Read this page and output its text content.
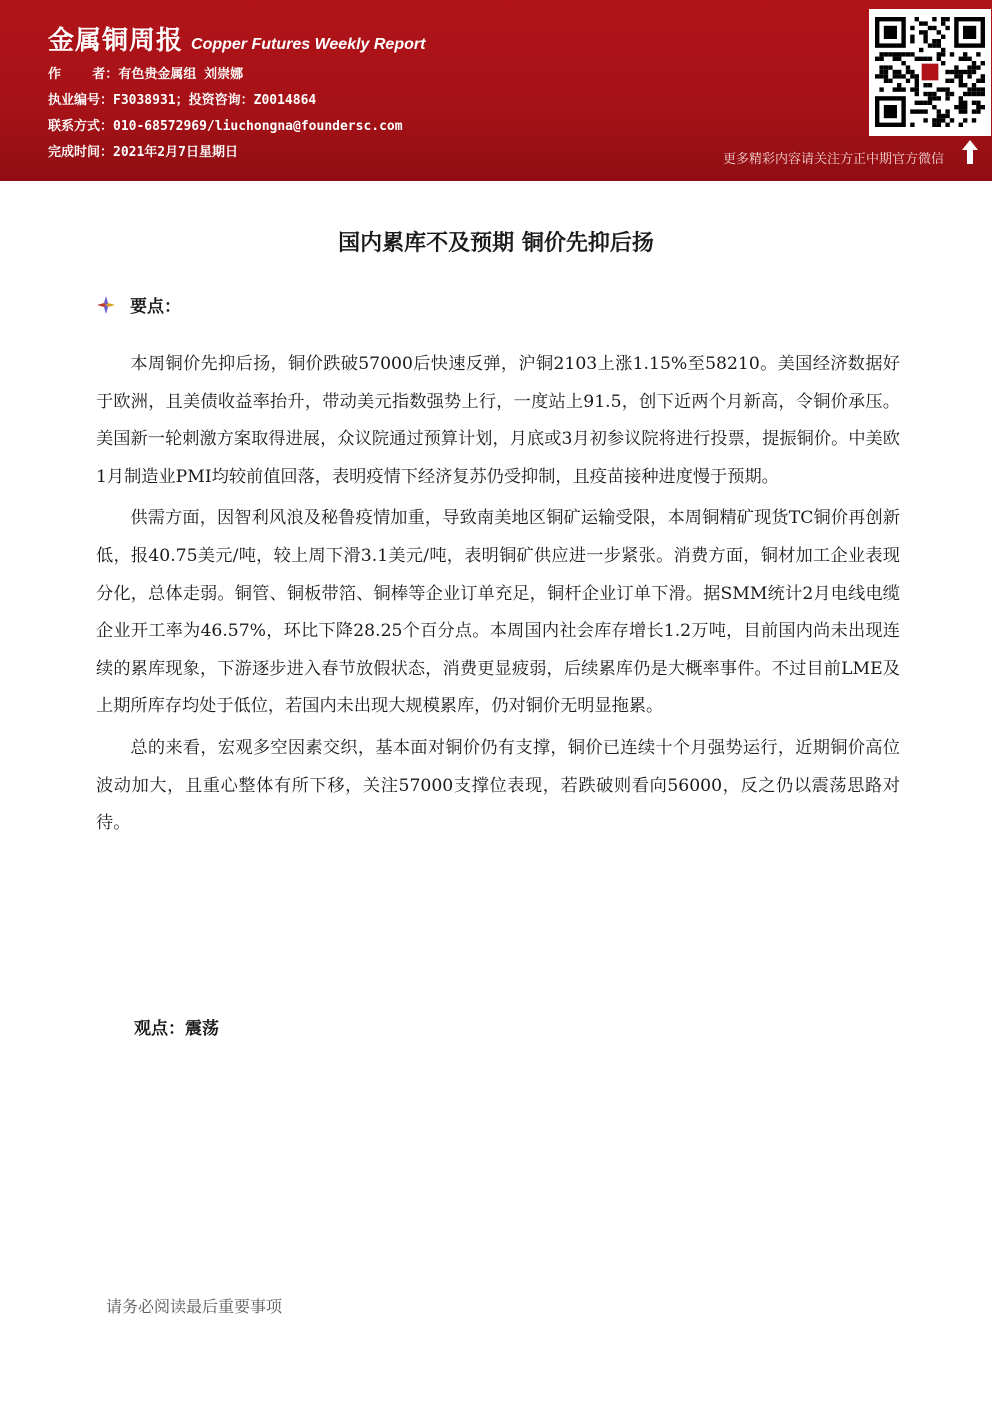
金属铜周报 Copper Futures Weekly Report
作    者：有色贵金属组 刘崇娜
执业编号：F3038931；投资咨询：Z0014864
联系方式：010-68572969/liuchongna@foundersc.com
完成时间：2021年2月7日星期日	更多精彩内容请关注方正中期官方微信
国内累库不及预期 铜价先抑后扬
要点：

本周铜价先抑后扬，铜价跌破57000后快速反弹，沪铜2103上涨1.15%至58210。美国经济数据好于欧洲，且美债收益率抬升，带动美元指数强势上行，一度站上91.5，创下近两个月新高，令铜价承压。美国新一轮刺激方案取得进展，众议院通过预算计划，月底或3月初参议院将进行投票，提振铜价。中美欧1月制造业PMI均较前值回落，表明疫情下经济复苏仍受抑制，且疫苗接种进度慢于预期。

供需方面，因智利风浪及秘鲁疫情加重，导致南美地区铜矿运输受限，本周铜精矿现货TC铜价再创新低，报40.75美元/吨，较上周下滑3.1美元/吨，表明铜矿供应进一步紧张。消费方面，铜材加工企业表现分化，总体走弱。铜管、铜板带箔、铜棒等企业订单充足，铜杆企业订单下滑。据SMM统计2月电线电缆企业开工率为46.57%，环比下降28.25个百分点。本周国内社会库存增长1.2万吨，目前国内尚未出现连续的累库现象，下游逐步进入春节放假状态，消费更显疲弱，后续累库仍是大概率事件。不过目前LME及上期所库存均处于低位，若国内未出现大规模累库，仍对铜价无明显拖累。

总的来看，宏观多空因素交织，基本面对铜价仍有支撑，铜价已连续十个月强势运行，近期铜价高位波动加大，且重心整体有所下移，关注57000支撑位表现，若跌破则看向56000，反之仍以震荡思路对待。

观点：震荡
请务必阅读最后重要事项
